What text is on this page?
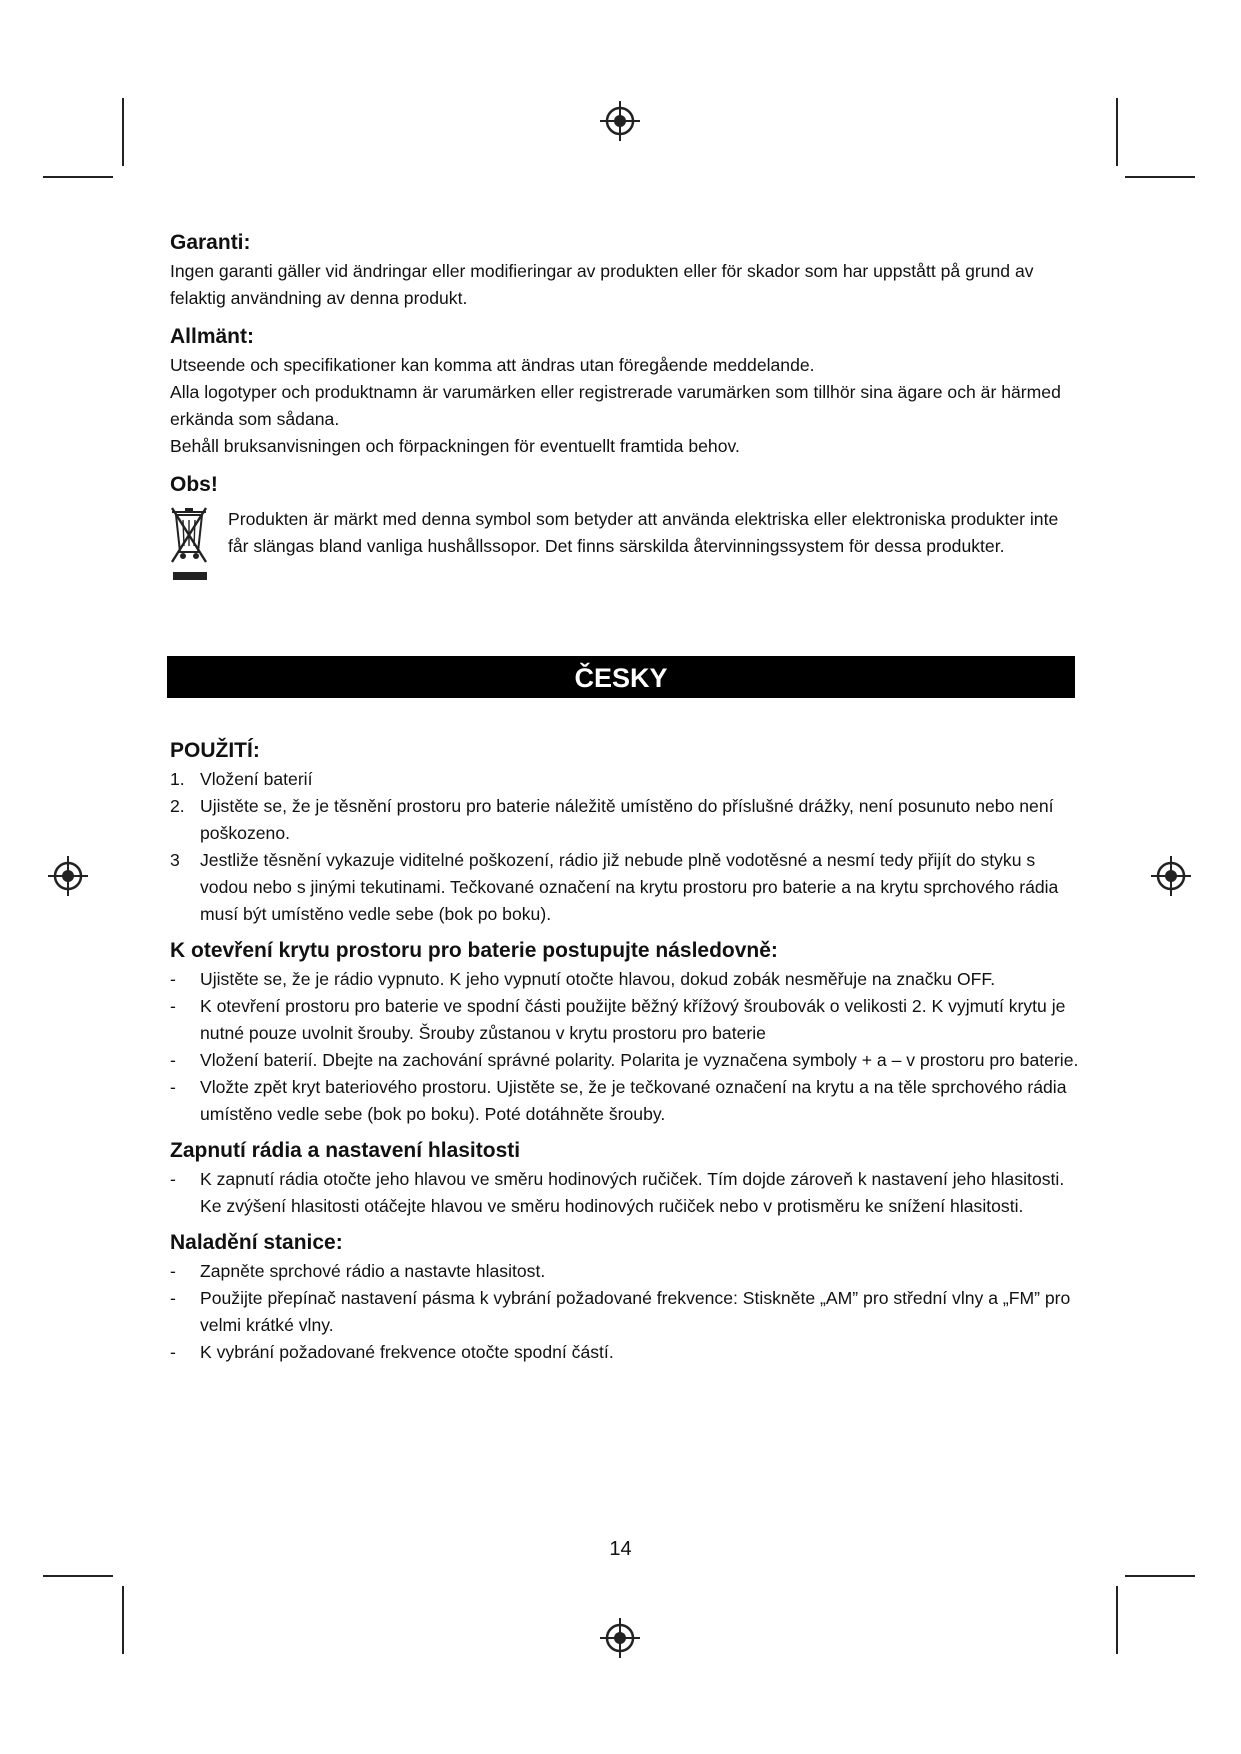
Garanti:

Ingen garanti gäller vid ändringar eller modifieringar av produkten eller för skador som har uppstått på grund av felaktig användning av denna produkt.

Allmänt:

Utseende och specifikationer kan komma att ändras utan föregående meddelande.

Alla logotyper och produktnamn är varumärken eller registrerade varumärken som tillhör sina ägare och är härmed erkända som sådana.

Behåll bruksanvisningen och förpackningen för eventuellt framtida behov.

Obs!

Produkten är märkt med denna symbol som betyder att använda elektriska eller elektroniska produkter inte får slängas bland vanliga hushållssopor. Det finns särskilda återvinningssystem för dessa produkter.

ČESKY
POUŽITÍ:
1. Vložení baterií
2. Ujistěte se, že je těsnění prostoru pro baterie náležitě umístěno do příslušné drážky, není posunuto nebo není poškozeno.
3	Jestliže těsnění vykazuje viditelné poškození, rádio již nebude plně vodotěsné a nesmí tedy přijít do styku s vodou nebo s jinými tekutinami. Tečkované označení na krytu prostoru pro baterie a na krytu sprchového rádia musí být umístěno vedle sebe (bok po boku).
K otevření krytu prostoru pro baterie postupujte následovně:
-	Ujistěte se, že je rádio vypnuto. K jeho vypnutí otočte hlavou, dokud zobák nesměřuje na značku OFF.
-	K otevření prostoru pro baterie ve spodní části použijte běžný křížový šroubovák o velikosti 2. K vyjmutí krytu je nutné pouze uvolnit šrouby. Šrouby zůstanou v krytu prostoru pro baterie
-	Vložení baterií. Dbejte na zachování správné polarity. Polarita je vyznačena symboly + a – v prostoru pro baterie.
-	Vložte zpět kryt bateriového prostoru. Ujistěte se, že je tečkované označení na krytu a na těle sprchového rádia umístěno vedle sebe (bok po boku). Poté dotáhněte šrouby.
Zapnutí rádia a nastavení hlasitosti
-	K zapnutí rádia otočte jeho hlavou ve směru hodinových ručiček. Tím dojde zároveň k nastavení jeho hlasitosti. Ke zvýšení hlasitosti otáčejte hlavou ve směru hodinových ručiček nebo v protisměru ke snížení hlasitosti.
Naladění stanice:
-	Zapněte sprchové rádio a nastavte hlasitost.
-	Použijte přepínač nastavení pásma k vybrání požadované frekvence: Stiskněte „AM” pro střední vlny a „FM” pro velmi krátké vlny.
-	K vybrání požadované frekvence otočte spodní částí.
14
